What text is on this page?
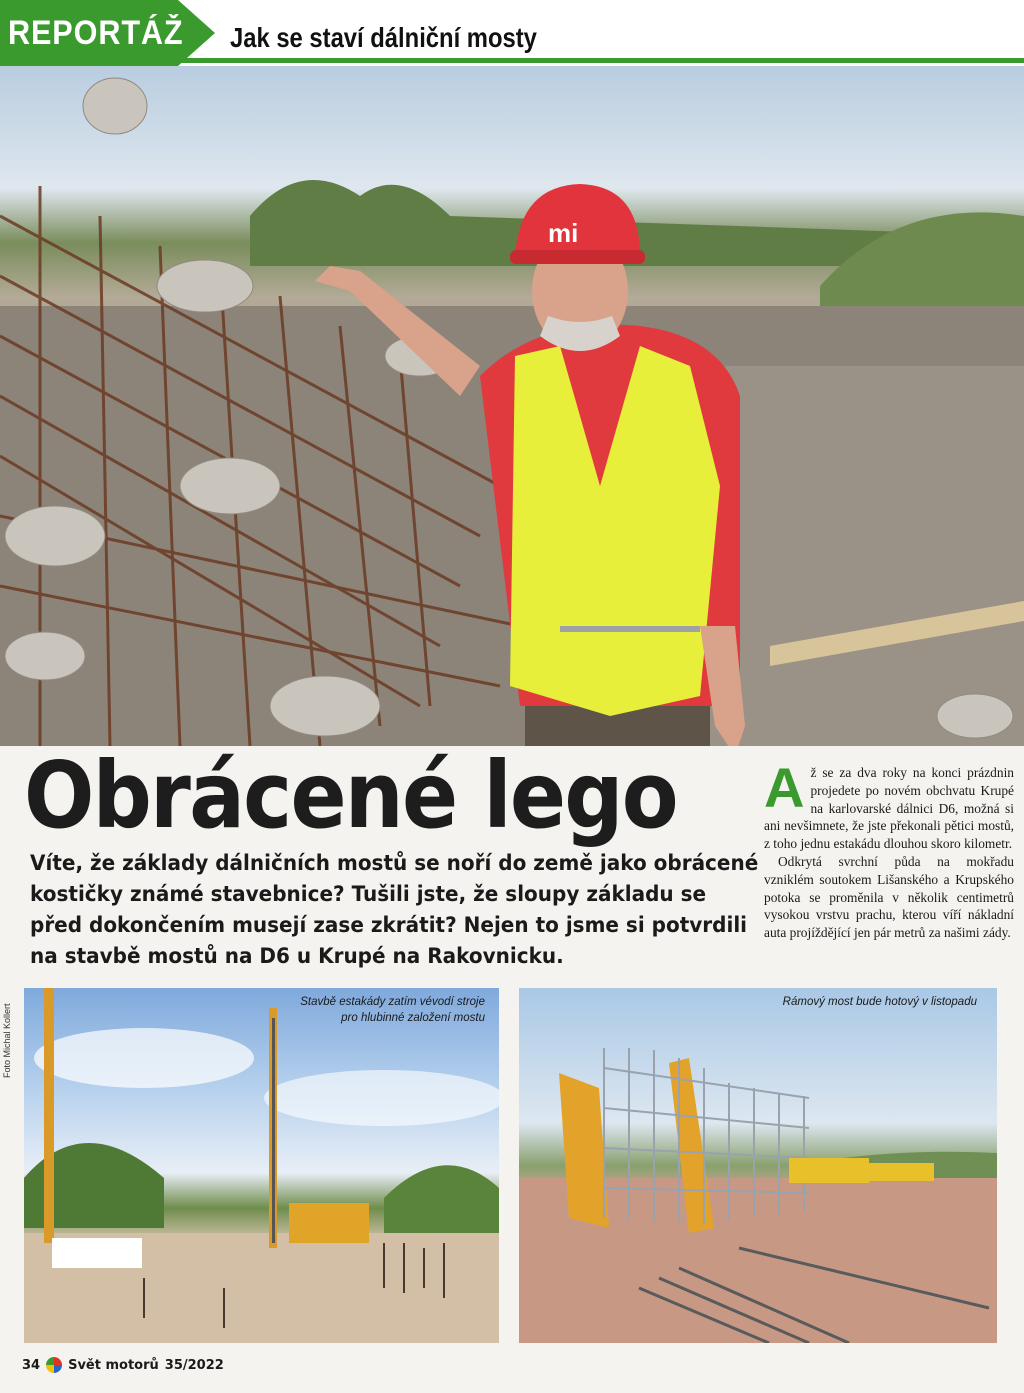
REPORTÁŽ Jak se staví dálniční mosty
mi
Obrácené lego

Víte, že základy dálničních mostů se noří do země jako obrácené

kostičky známé stavebnice? Tušili jste, že sloupy základu se

před dokončením musejí zase zkrátit? Nejen to jsme si potvrdili

na stavbě mostů na D6 u Krupé na Rakovnicku.

Až se za dva roky na konci prázdnin projedete po novém obchvatu Krupé na karlovarské dálnici D6, možná si ani nevšimnete, že jste překonali pětici mostů, z toho jednu estakádu dlouhou skoro kilometr.

Odkrytá svrchní půda na mokřadu vzniklém soutokem Lišanského a Krupského potoka se proměnila v několik centimetrů vysokou vrstvu prachu, kterou víří nákladní auta projíždějící jen pár metrů za našimi zády.

Foto Michal Kollert
Stavbě estakády zatím vévodí stroje pro hlubinné založení mostu
Rámový most bude hotový v listopadu
34 Svět motorů 35/2022
